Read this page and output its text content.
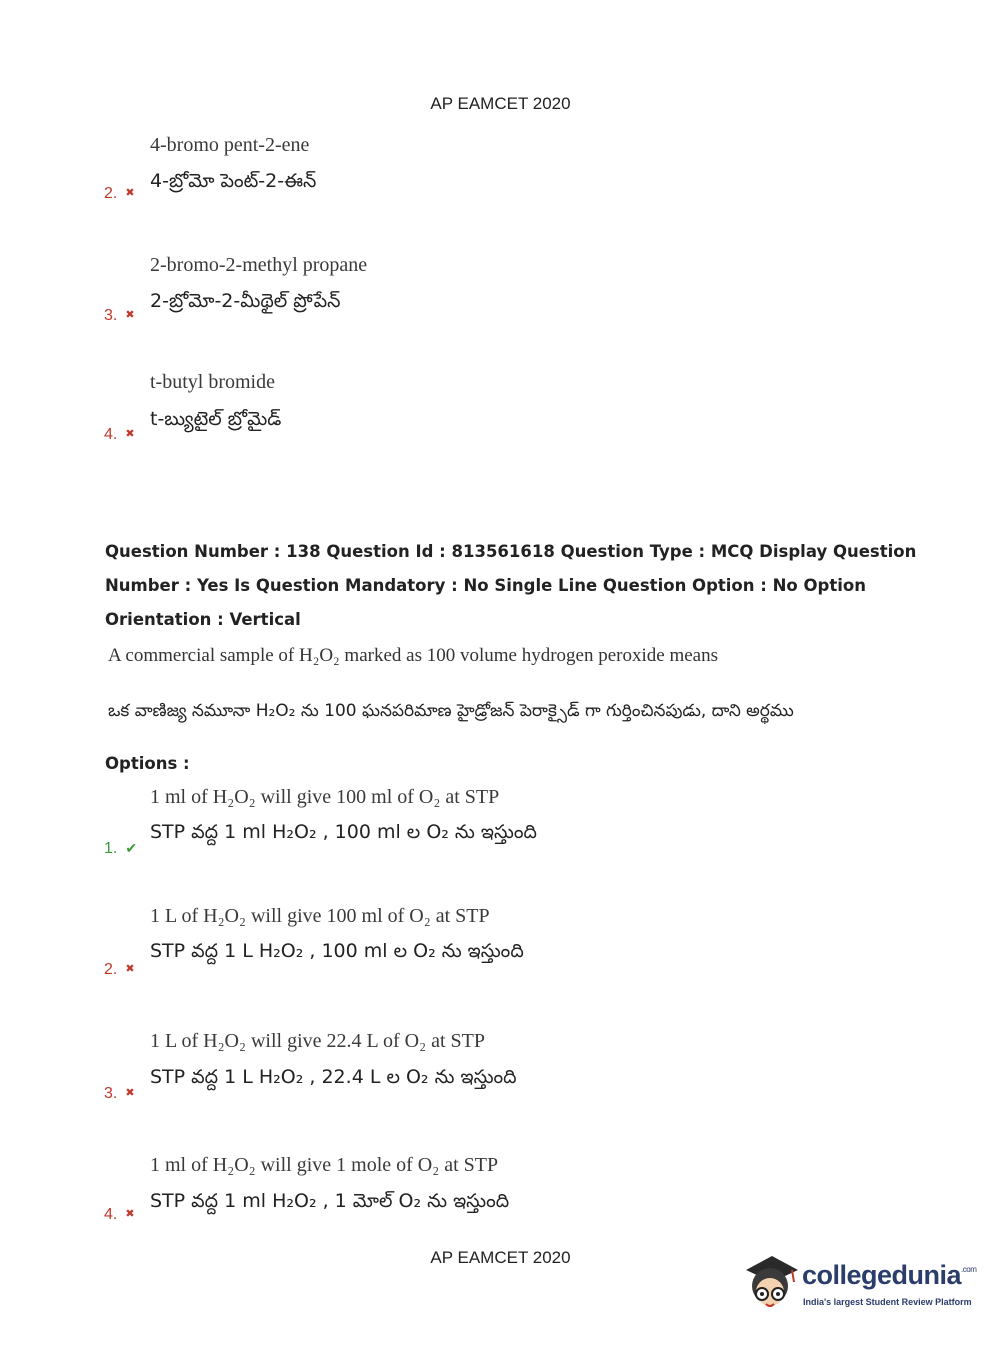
AP EAMCET 2020
4-bromo pent-2-ene
4-బ్రోమో పెంట్-2-ఈన్
2. ✖
2-bromo-2-methyl propane
2-బ్రోమో-2-మీథైల్ ప్రోపేన్
3. ✖
t-butyl bromide
t-బ్యుటైల్ బ్రోమైడ్
4. ✖
Question Number : 138 Question Id : 813561618 Question Type : MCQ Display Question
Number : Yes Is Question Mandatory : No Single Line Question Option : No Option
Orientation : Vertical
A commercial sample of H₂O₂ marked as 100 volume hydrogen peroxide means
ఒక వాణిజ్య నమూనా H₂O₂ ను 100 ఘనపరిమాణ హైడ్రోజన్ పెరాక్సైడ్ గా గుర్తించినపుడు, దాని అర్థము
Options :
1 ml of H₂O₂ will give 100 ml of O₂ at STP
STP వద్ద 1 ml H₂O₂ , 100 ml ల O₂ ను ఇస్తుంది
1. ✔
1 L of H₂O₂ will give 100 ml of O₂ at STP
STP వద్ద 1 L H₂O₂ , 100 ml ల O₂ ను ఇస్తుంది
2. ✖
1 L of H₂O₂ will give 22.4 L of O₂ at STP
STP వద్ద 1 L H₂O₂ , 22.4 L ల O₂ ను ఇస్తుంది
3. ✖
1 ml of H₂O₂ will give 1 mole of O₂ at STP
STP వద్ద 1 ml H₂O₂ , 1 మోల్ O₂ ను ఇస్తుంది
4. ✖
AP EAMCET 2020
collegedunia$^{.com}$
India's largest Student Review Platform
